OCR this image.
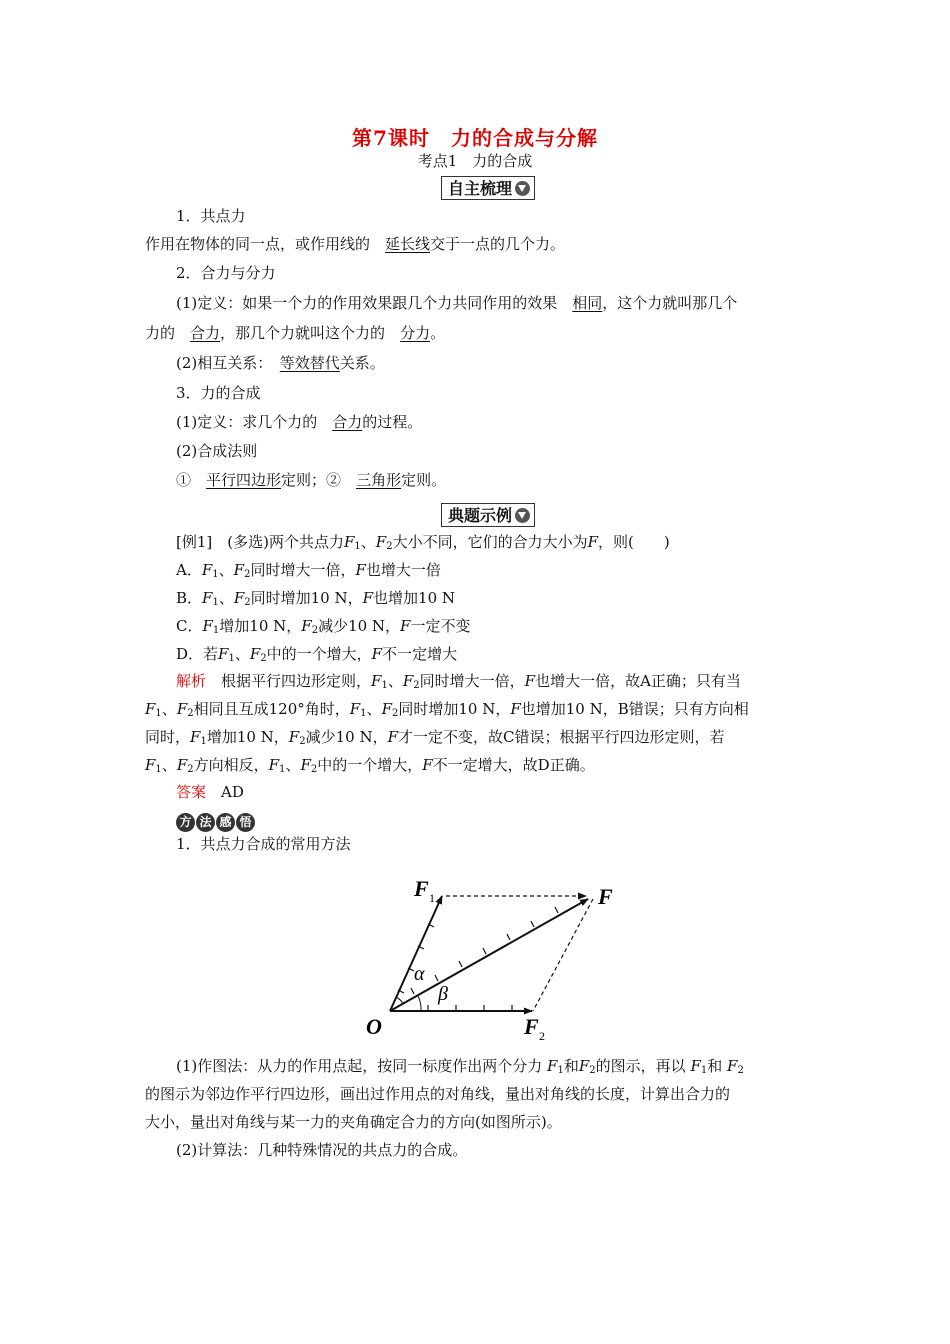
第7课时　力的合成与分解
考点1　力的合成
自主梳理
1．共点力
作用在物体的同一点，或作用线的　 延长线交于一点的几个力。
2．合力与分力
(1)定义：如果一个力的作用效果跟几个力共同作用的效果　 相同，这个力就叫那几个
力的　 合力，那几个力就叫这个力的　 分力。
(2)相互关系：　 等效替代关系。
3．力的合成
(1)定义：求几个力的　 合力的过程。
(2)合成法则
①　 平行四边形定则；②　 三角形定则。
典题示例
[例1]　 (多选)两个共点力$F_1$、$F_2$大小不同，它们的合力大小为F，则(　　)
A．$F_1$、$F_2$同时增大一倍，F也增大一倍
B．$F_1$、$F_2$同时增加10 N，F也增加10 N
C．$F_1$增加10 N，$F_2$减少10 N，F一定不变
D．若$F_1$、$F_2$中的一个增大，F不一定增大
解析　 根据平行四边形定则，$F_1$、$F_2$同时增大一倍，F也增大一倍，故A正确；只有当
$F_1$、$F_2$相同且互成120°角时，$F_1$、$F_2$同时增加10 N，F也增加10 N，B错误；只有方向相
同时，$F_1$增加10 N，$F_2$减少10 N，F才一定不变，故C错误；根据平行四边形定则，若
$F_1$、$F_2$方向相反，$F_1$、$F_2$中的一个增大，F不一定增大，故D正确。
答案　 AD
方 法 感 悟
1．共点力合成的常用方法
F 1	F
F 2
O
α
β
(1)作图法：从力的作用点起，按同一标度作出两个分力 $F_1$和$F_2$的图示，再以 $F_1$和 $F_2$
的图示为邻边作平行四边形，画出过作用点的对角线，量出对角线的长度，计算出合力的
大小，量出对角线与某一力的夹角确定合力的方向(如图所示)。
(2)计算法：几种特殊情况的共点力的合成。
